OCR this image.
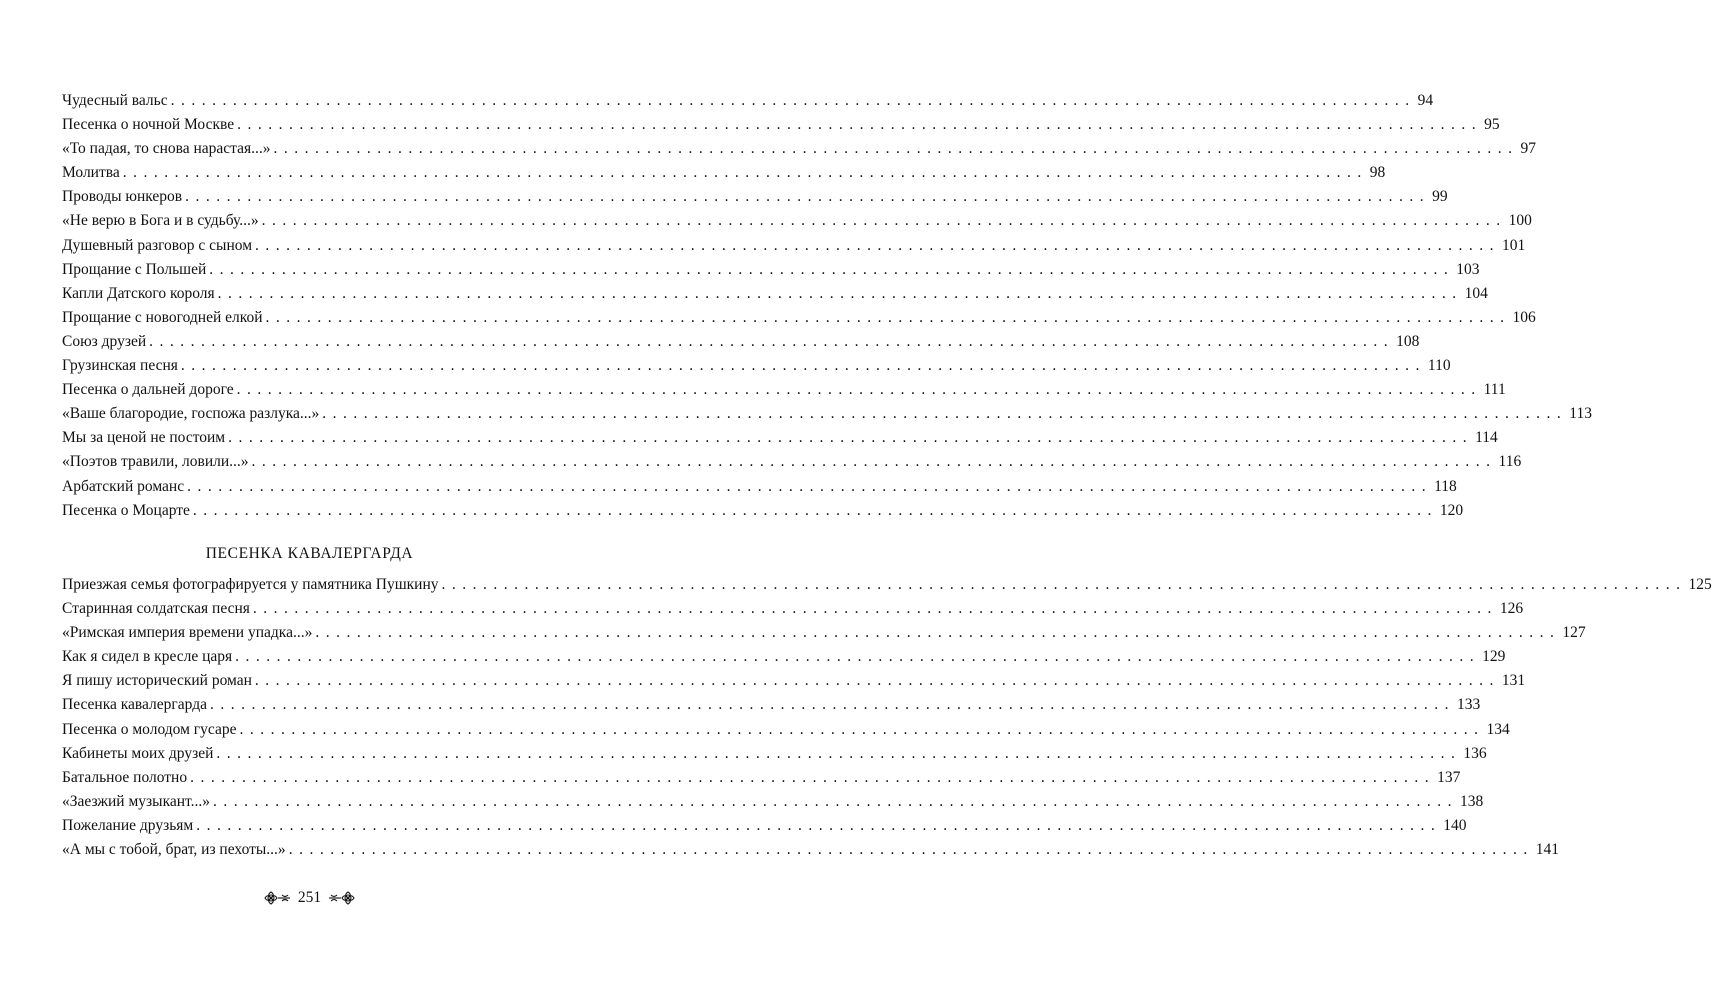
Чудесный вальс ........................................................................................................................ 94
Песенка о ночной Москве ........................................................................................................................ 95
«То падая, то снова нарастая...» ........................................................................................................................ 97
Молитва ........................................................................................................................ 98
Проводы юнкеров ........................................................................................................................ 99
«Не верю в Бога и в судьбу...» ........................................................................................................................ 100
Душевный разговор с сыном ........................................................................................................................ 101
Прощание с Польшей ........................................................................................................................ 103
Капли Датского короля ........................................................................................................................ 104
Прощание с новогодней елкой ........................................................................................................................ 106
Союз друзей ........................................................................................................................ 108
Грузинская песня ........................................................................................................................ 110
Песенка о дальней дороге ........................................................................................................................ 111
«Ваше благородие, госпожа разлука...» ........................................................................................................................ 113
Мы за ценой не постоим ........................................................................................................................ 114
«Поэтов травили, ловили...» ........................................................................................................................ 116
Арбатский романс ........................................................................................................................ 118
Песенка о Моцарте ........................................................................................................................ 120
ПЕСЕНКА КАВАЛЕРГАРДА
Приезжая семья фотографируется у памятника Пушкину ........................................................................................................................ 125
Старинная солдатская песня ........................................................................................................................ 126
«Римская империя времени упадка...» ........................................................................................................................ 127
Как я сидел в кресле царя ........................................................................................................................ 129
Я пишу исторический роман ........................................................................................................................ 131
Песенка кавалергарда ........................................................................................................................ 133
Песенка о молодом гусаре ........................................................................................................................ 134
Кабинеты моих друзей ........................................................................................................................ 136
Батальное полотно ........................................................................................................................ 137
«Заезжий музыкант...» ........................................................................................................................ 138
Пожелание друзьям ........................................................................................................................ 140
«А мы с тобой, брат, из пехоты...» ........................................................................................................................ 141
251
